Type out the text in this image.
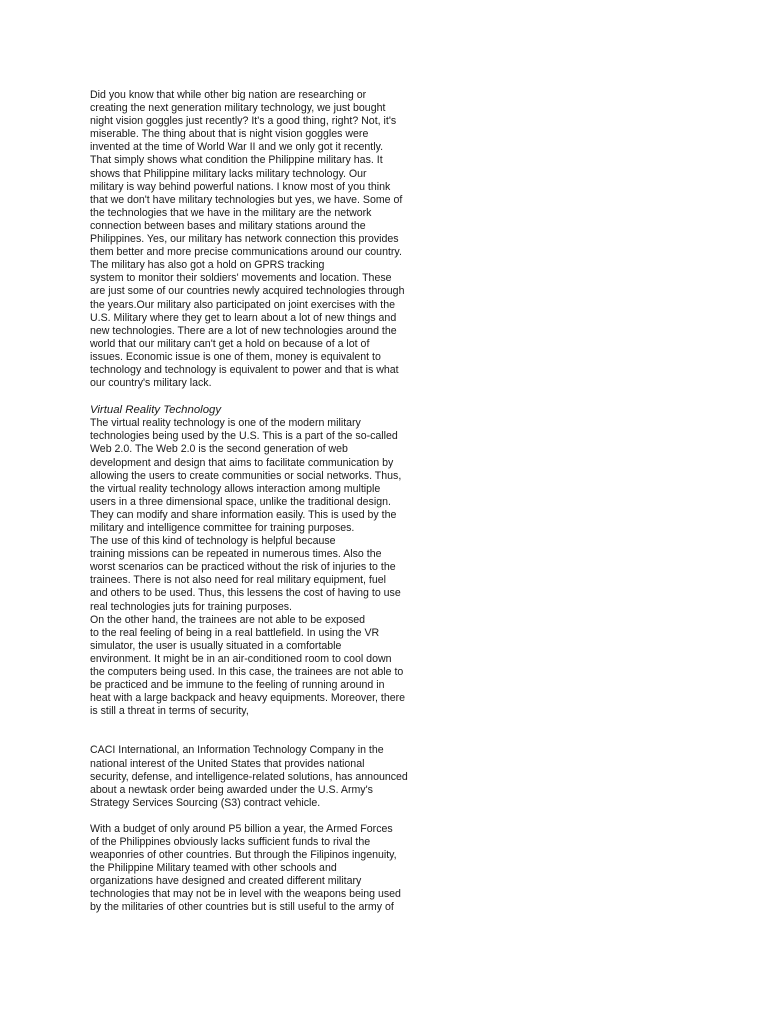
Did you know that while other big nation are researching or
creating the next generation military technology, we just bought
night vision goggles just recently? It's a good thing, right? Not, it's
miserable. The thing about that is night vision goggles were
invented at the time of World War II and we only got it recently.
That simply shows what condition the Philippine military has. It
shows that Philippine military lacks military technology. Our
military is way behind powerful nations. I know most of you think
that we don't have military technologies but yes, we have. Some of
the technologies that we have in the military are the network
connection between bases and military stations around the
Philippines. Yes, our military has network connection this provides
them better and more precise communications around our country.
The military has also got a hold on GPRS tracking
system to monitor their soldiers' movements and location. These
are just some of our countries newly acquired technologies through
the years.Our military also participated on joint exercises with the
U.S. Military where they get to learn about a lot of new things and
new technologies. There are a lot of new technologies around the
world that our military can't get a hold on because of a lot of
issues. Economic issue is one of them, money is equivalent to
technology and technology is equivalent to power and that is what
our country's military lack.
Virtual Reality Technology
The virtual reality technology is one of the modern military
technologies being used by the U.S. This is a part of the so-called
Web 2.0. The Web 2.0 is the second generation of web
development and design that aims to facilitate communication by
allowing the users to create communities or social networks. Thus,
the virtual reality technology allows interaction among multiple
users in a three dimensional space, unlike the traditional design.
They can modify and share information easily. This is used by the
military and intelligence committee for training purposes.
The use of this kind of technology is helpful because
training missions can be repeated in numerous times. Also the
worst scenarios can be practiced without the risk of injuries to the
trainees. There is not also need for real military equipment, fuel
and others to be used. Thus, this lessens the cost of having to use
real technologies juts for training purposes.
On the other hand, the trainees are not able to be exposed
to the real feeling of being in a real battlefield. In using the VR
simulator, the user is usually situated in a comfortable
environment. It might be in an air-conditioned room to cool down
the computers being used. In this case, the trainees are not able to
be practiced and be immune to the feeling of running around in
heat with a large backpack and heavy equipments. Moreover, there
is still a threat in terms of security,
CACI International, an Information Technology Company in the
national interest of the United States that provides national
security, defense, and intelligence-related solutions, has announced
about a newtask order being awarded under the U.S. Army's
Strategy Services Sourcing (S3) contract vehicle.
With a budget of only around P5 billion a year, the Armed Forces
of the Philippines obviously lacks sufficient funds to rival the
weaponries of other countries. But through the Filipinos ingenuity,
the Philippine Military teamed with other schools and
organizations have designed and created different military
technologies that may not be in level with the weapons being used
by the militaries of other countries but is still useful to the army of
